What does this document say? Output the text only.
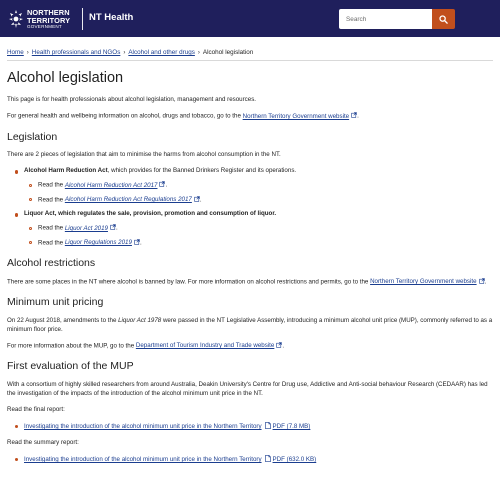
NORTHERN
TERRITORY
GOVERNMENT
NT Health
Search
Home › Health professionals and NGOs › Alcohol and other drugs › Alcohol legislation
Alcohol legislation

This page is for health professionals about alcohol legislation, management and resources.

For general health and wellbeing information on alcohol, drugs and tobacco, go to the Northern Territory Government website .

Legislation

There are 2 pieces of legislation that aim to minimise the harms from alcohol consumption in the NT.

Alcohol Harm Reduction Act, which provides for the Banned Drinkers Register and its operations.
Read the Alcohol Harm Reduction Act 2017 .
Read the Alcohol Harm Reduction Act Regulations 2017 .
Liquor Act, which regulates the sale, provision, promotion and consumption of liquor.
Read the Liquor Act 2019 .
Read the Liquor Regulations 2019 .
Alcohol restrictions

There are some places in the NT where alcohol is banned by law. For more information on alcohol restrictions and permits, go to the Northern Territory Government website .

Minimum unit pricing

On 22 August 2018, amendments to the Liquor Act 1978 were passed in the NT Legislative Assembly, introducing a minimum alcohol unit price (MUP), commonly referred to as a minimum floor price.

For more information about the MUP, go to the Department of Tourism Industry and Trade website .

First evaluation of the MUP

With a consortium of highly skilled researchers from around Australia, Deakin University's Centre for Drug use, Addictive and Anti-social behaviour Research (CEDAAR) has led the investigation of the impacts of the introduction of the alcohol minimum unit price in the NT.

Read the final report:

Investigating the introduction of the alcohol minimum unit price in the Northern Territory PDF (7.8 MB)

Read the summary report:

Investigating the introduction of the alcohol minimum unit price in the Northern Territory PDF (632.0 KB)
